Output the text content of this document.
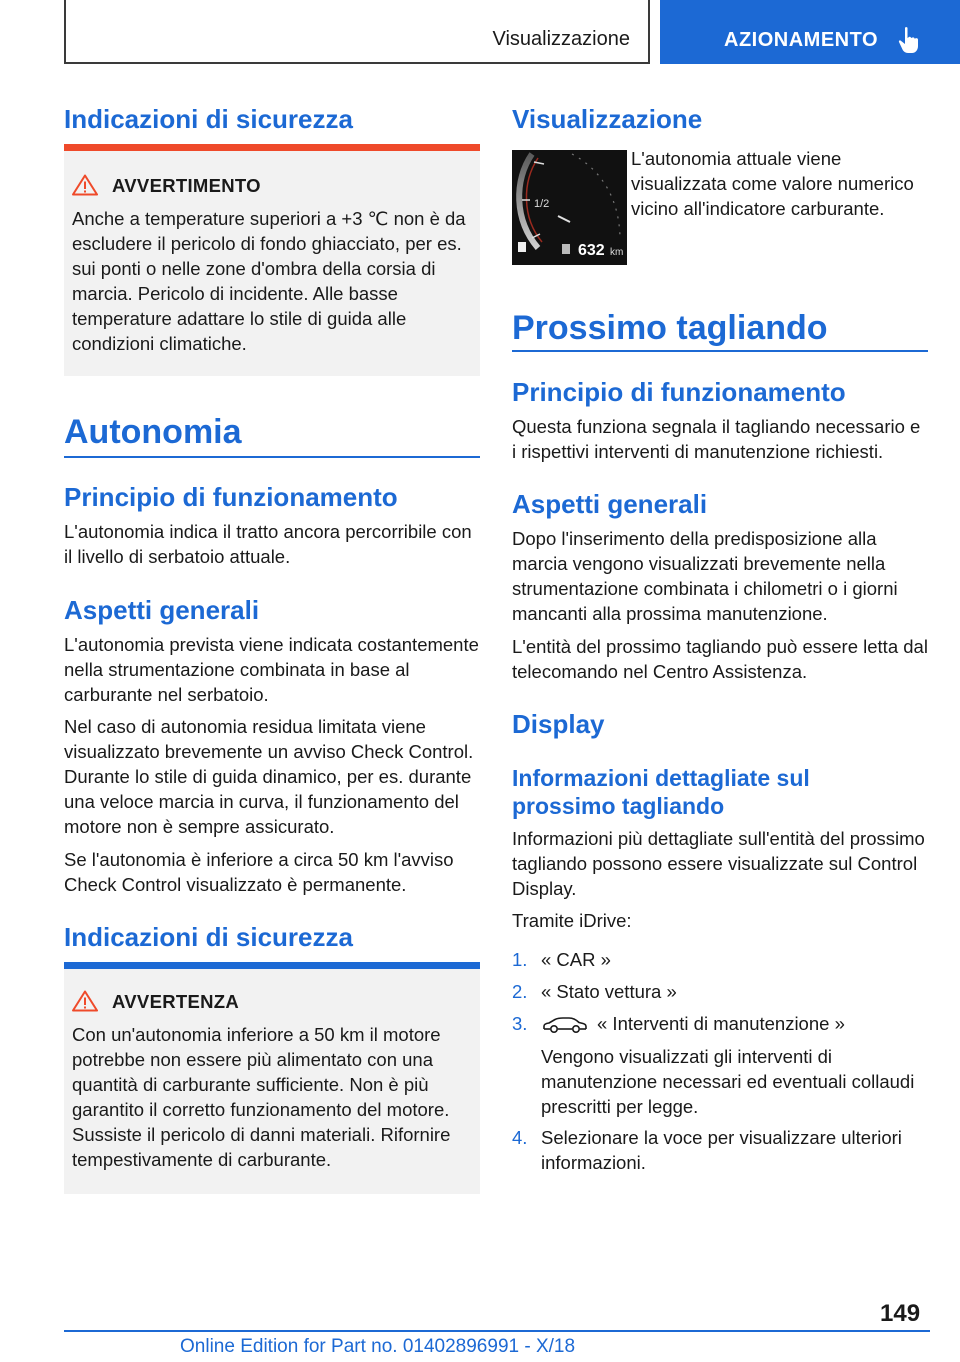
Visualizzazione	AZIONAMENTO
Indicazioni di sicurezza
AVVERTIMENTO
Anche a temperature superiori a +3 ℃ non è da escludere il pericolo di fondo ghiacciato, per es. sui ponti o nelle zone d'ombra della corsia di marcia. Pericolo di incidente. Alle basse temperature adattare lo stile di guida alle condizioni climatiche.
Autonomia
Principio di funzionamento
L'autonomia indica il tratto ancora percorribile con il livello di serbatoio attuale.
Aspetti generali
L'autonomia prevista viene indicata costantemente nella strumentazione combinata in base al carburante nel serbatoio.
Nel caso di autonomia residua limitata viene visualizzato brevemente un avviso Check Control. Durante lo stile di guida dinamico, per es. durante una veloce marcia in curva, il funzionamento del motore non è sempre assicurato.
Se l'autonomia è inferiore a circa 50 km l'avviso Check Control visualizzato è permanente.
Indicazioni di sicurezza
AVVERTENZA
Con un'autonomia inferiore a 50 km il motore potrebbe non essere più alimentato con una quantità di carburante sufficiente. Non è più garantito il corretto funzionamento del motore. Sussiste il pericolo di danni materiali. Rifornire tempestivamente di carburante.
Visualizzazione
1/2
632 km
L'autonomia attuale viene visualizzata come valore numerico vicino all'indicatore carburante.
Prossimo tagliando
Principio di funzionamento
Questa funziona segnala il tagliando necessario e i rispettivi interventi di manutenzione richiesti.
Aspetti generali
Dopo l'inserimento della predisposizione alla marcia vengono visualizzati brevemente nella strumentazione combinata i chilometri o i giorni mancanti alla prossima manutenzione.
L'entità del prossimo tagliando può essere letta dal telecomando nel Centro Assistenza.
Display
Informazioni dettagliate sul prossimo tagliando
Informazioni più dettagliate sull'entità del prossimo tagliando possono essere visualizzate sul Control Display.
Tramite iDrive:
1. « CAR »
2. « Stato vettura »
3.	« Interventi di manutenzione »
Vengono visualizzati gli interventi di manutenzione necessari ed eventuali collaudi prescritti per legge.
4. Selezionare la voce per visualizzare ulteriori informazioni.
149
Online Edition for Part no. 01402896991 - X/18
